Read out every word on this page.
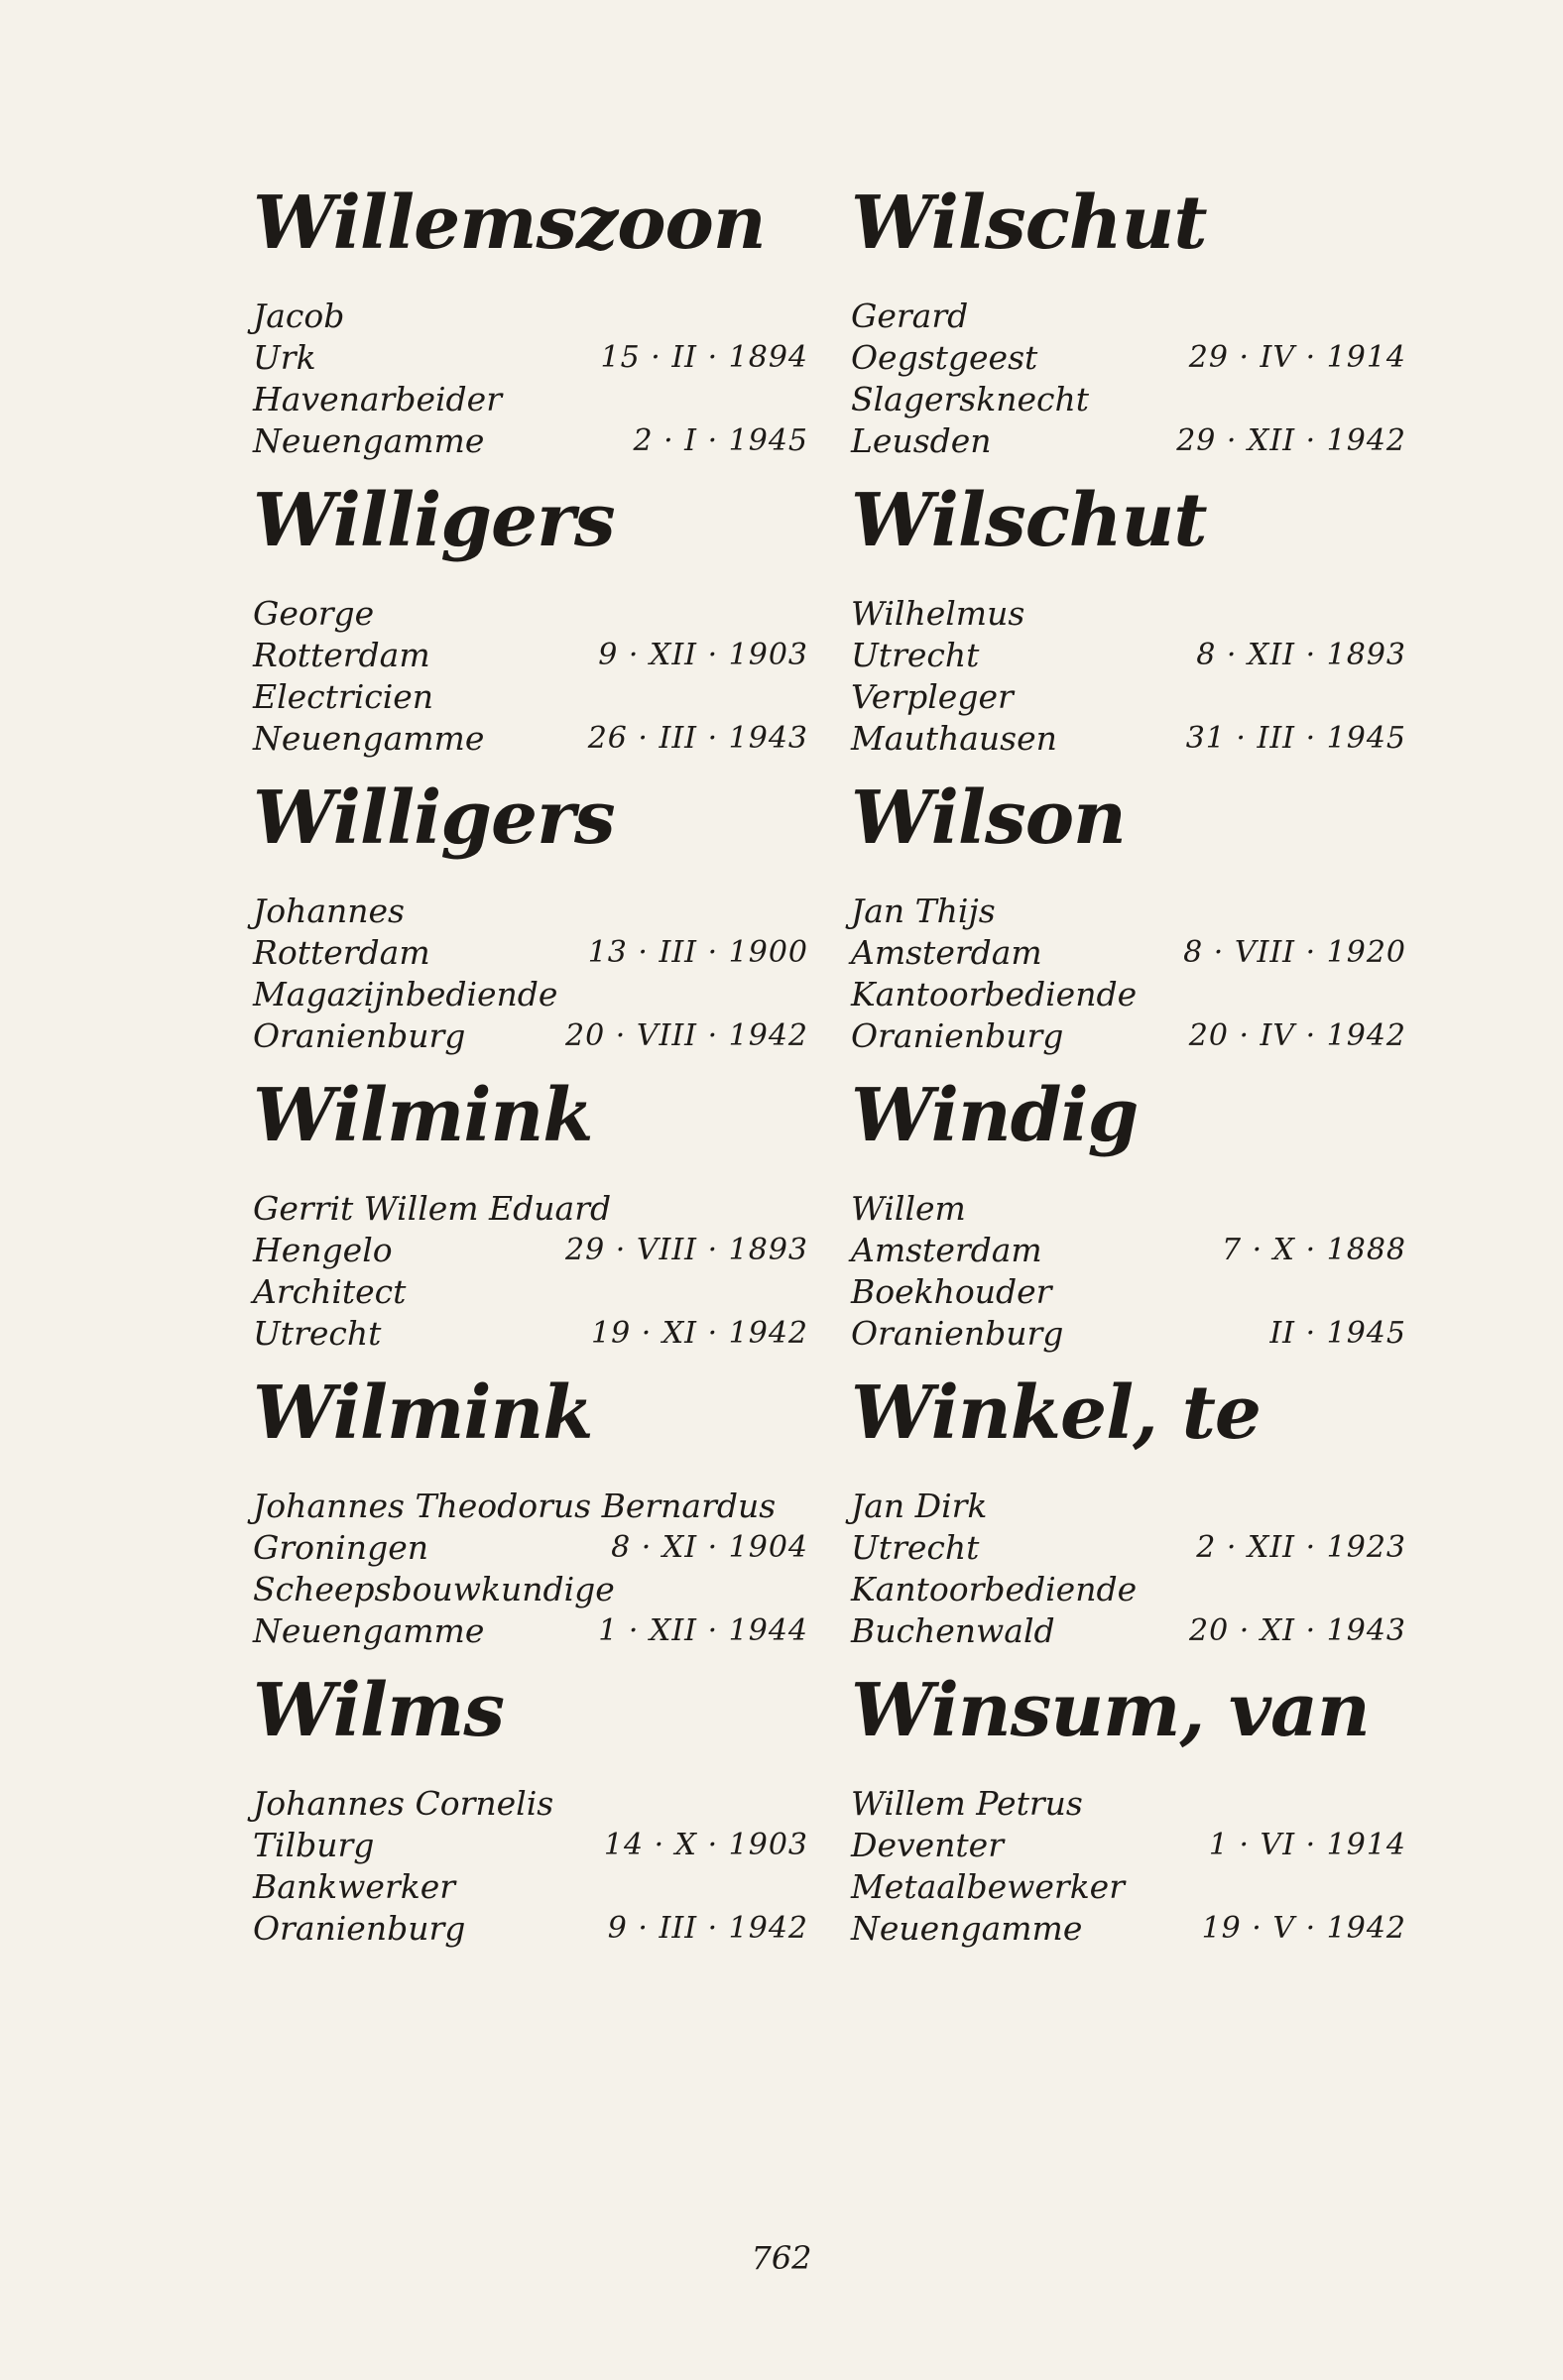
Willemszoon
Jacob
Urk	15 · II · 1894
Havenarbeider
Neuengamme	2 · I · 1945
Willigers
George
Rotterdam	9 · XII · 1903
Electricien
Neuengamme	26 · III · 1943
Willigers
Johannes
Rotterdam	13 · III · 1900
Magazijnbediende
Oranienburg	20 · VIII · 1942
Wilmink
Gerrit Willem Eduard
Hengelo	29 · VIII · 1893
Architect
Utrecht	19 · XI · 1942
Wilmink
Johannes Theodorus Bernardus
Groningen	8 · XI · 1904
Scheepsbouwkundige
Neuengamme	1 · XII · 1944
Wilms
Johannes Cornelis
Tilburg	14 · X · 1903
Bankwerker
Oranienburg	9 · III · 1942
Wilschut
Gerard
Oegstgeest	29 · IV · 1914
Slagersknecht
Leusden	29 · XII · 1942
Wilschut
Wilhelmus
Utrecht	8 · XII · 1893
Verpleger
Mauthausen	31 · III · 1945
Wilson
Jan Thijs
Amsterdam	8 · VIII · 1920
Kantoorbediende
Oranienburg	20 · IV · 1942
Windig
Willem
Amsterdam	7 · X · 1888
Boekhouder
Oranienburg	II · 1945
Winkel, te
Jan Dirk
Utrecht	2 · XII · 1923
Kantoorbediende
Buchenwald	20 · XI · 1943
Winsum, van
Willem Petrus
Deventer	1 · VI · 1914
Metaalbewerker
Neuengamme	19 · V · 1942
762
